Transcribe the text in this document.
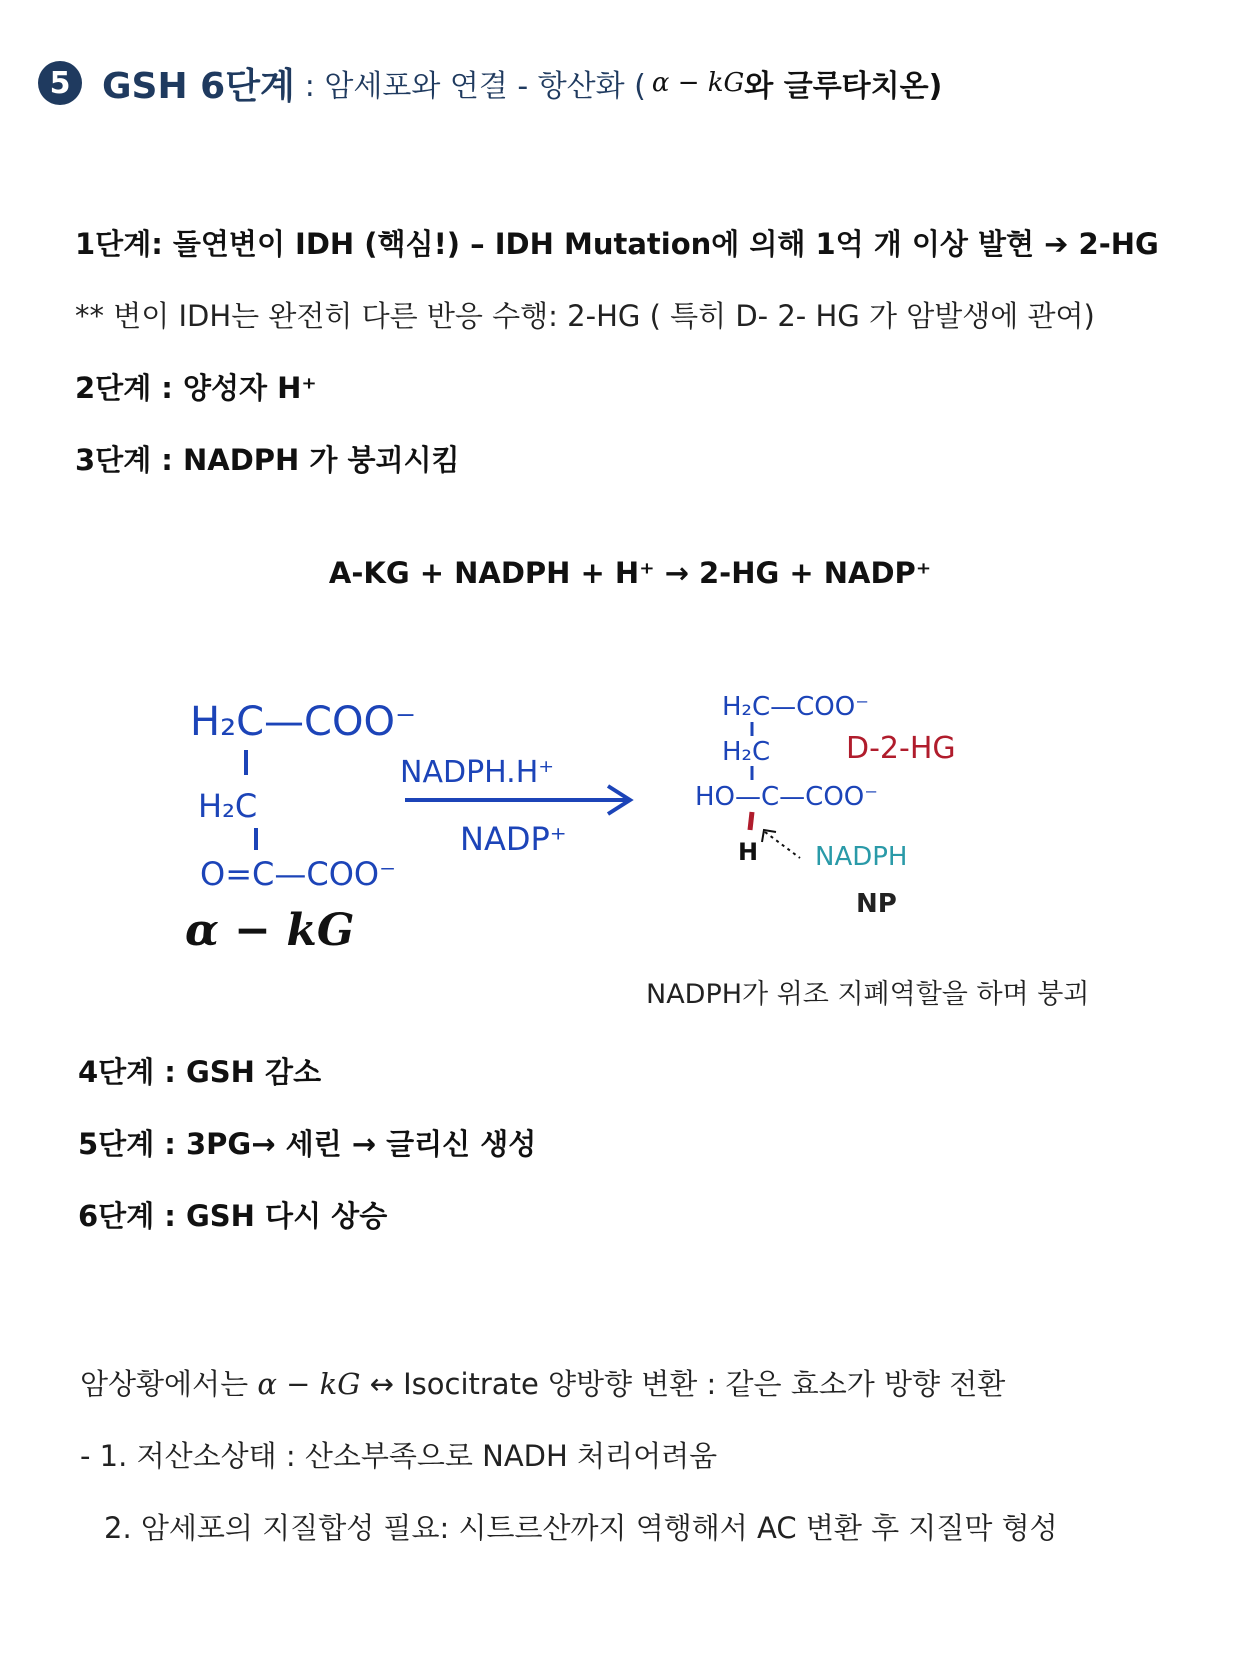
5 GSH 6단계 : 암세포와 연결 - 항산화 ( α − kG 와 글루타치온)
1단계: 돌연변이 IDH (핵심!) – IDH Mutation에 의해 1억 개 이상 발현 ➔ 2-HG
** 변이 IDH는 완전히 다른 반응 수행: 2-HG ( 특히 D- 2- HG 가 암발생에 관여)
2단계 : 양성자 H⁺
3단계 : NADPH 가 붕괴시킴
A-KG + NADPH + H⁺ → 2-HG + NADP⁺
H₂C—COO⁻
H₂C
O=C—COO⁻
α − kG
NADPH.H⁺
NADP⁺
H₂C—COO⁻
H₂C
HO—C—COO⁻
H
D-2-HG
NADPH
NP
NADPH가 위조 지폐역할을 하며 붕괴
4단계 : GSH 감소
5단계 : 3PG→ 세린 → 글리신 생성
6단계 : GSH 다시 상승
암상황에서는 α − kG ↔ Isocitrate 양방향 변환 : 같은 효소가 방향 전환
- 1. 저산소상태 : 산소부족으로 NADH 처리어려움
2. 암세포의 지질합성 필요: 시트르산까지 역행해서 AC 변환 후 지질막 형성
